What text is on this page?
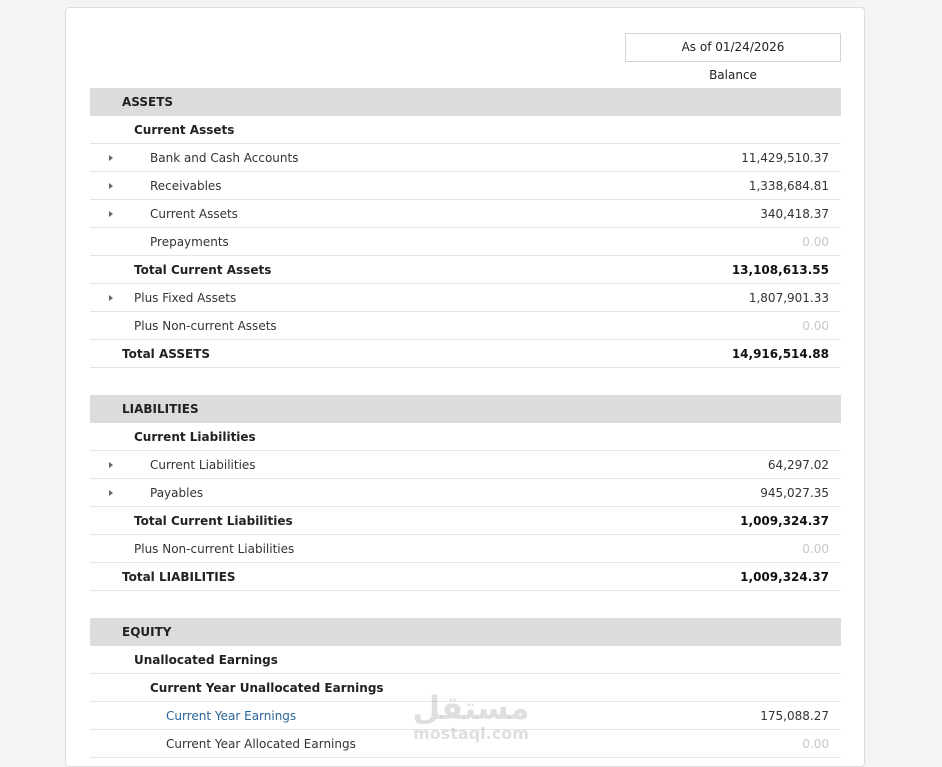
As of 01/24/2026
Balance
ASSETS
Current Assets
Bank and Cash Accounts	11,429,510.37
Receivables	1,338,684.81
Current Assets	340,418.37
Prepayments	0.00
Total Current Assets	13,108,613.55
Plus Fixed Assets	1,807,901.33
Plus Non-current Assets	0.00
Total ASSETS	14,916,514.88
LIABILITIES
Current Liabilities
Current Liabilities	64,297.02
Payables	945,027.35
Total Current Liabilities	1,009,324.37
Plus Non-current Liabilities	0.00
Total LIABILITIES	1,009,324.37
EQUITY
Unallocated Earnings
Current Year Unallocated Earnings
Current Year Earnings	175,088.27
Current Year Allocated Earnings	0.00
